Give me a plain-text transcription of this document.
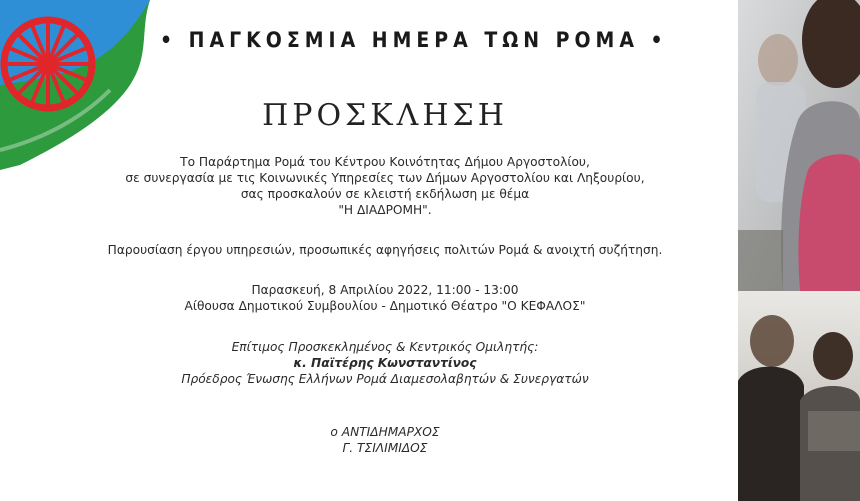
• ΠΑΓΚΟΣΜΙΑ ΗΜΕΡΑ ΤΩΝ ΡΟΜΑ •
ΠΡΟΣΚΛΗΣΗ
Το Παράρτημα Ρομά του Κέντρου Κοινότητας Δήμου Αργοστολίου,
σε συνεργασία με τις Κοινωνικές Υπηρεσίες των Δήμων Αργοστολίου και Ληξουρίου,
σας προσκαλούν σε κλειστή εκδήλωση με θέμα
"Η ΔΙΑΔΡΟΜΗ".
Παρουσίαση έργου υπηρεσιών, προσωπικές αφηγήσεις πολιτών Ρομά & ανοιχτή συζήτηση.
Παρασκευή, 8 Απριλίου 2022, 11:00 - 13:00
Αίθουσα Δημοτικού Συμβουλίου - Δημοτικό Θέατρο "Ο ΚΕΦΑΛΟΣ"
Επίτιμος Προσκεκλημένος & Κεντρικός Ομιλητής:
κ. Παϊτέρης Κωνσταντίνος
Πρόεδρος Ένωσης Ελλήνων Ρομά Διαμεσολαβητών & Συνεργατών
ο ΑΝΤΙΔΗΜΑΡΧΟΣ
Γ. ΤΣΙΛΙΜΙΔΟΣ
